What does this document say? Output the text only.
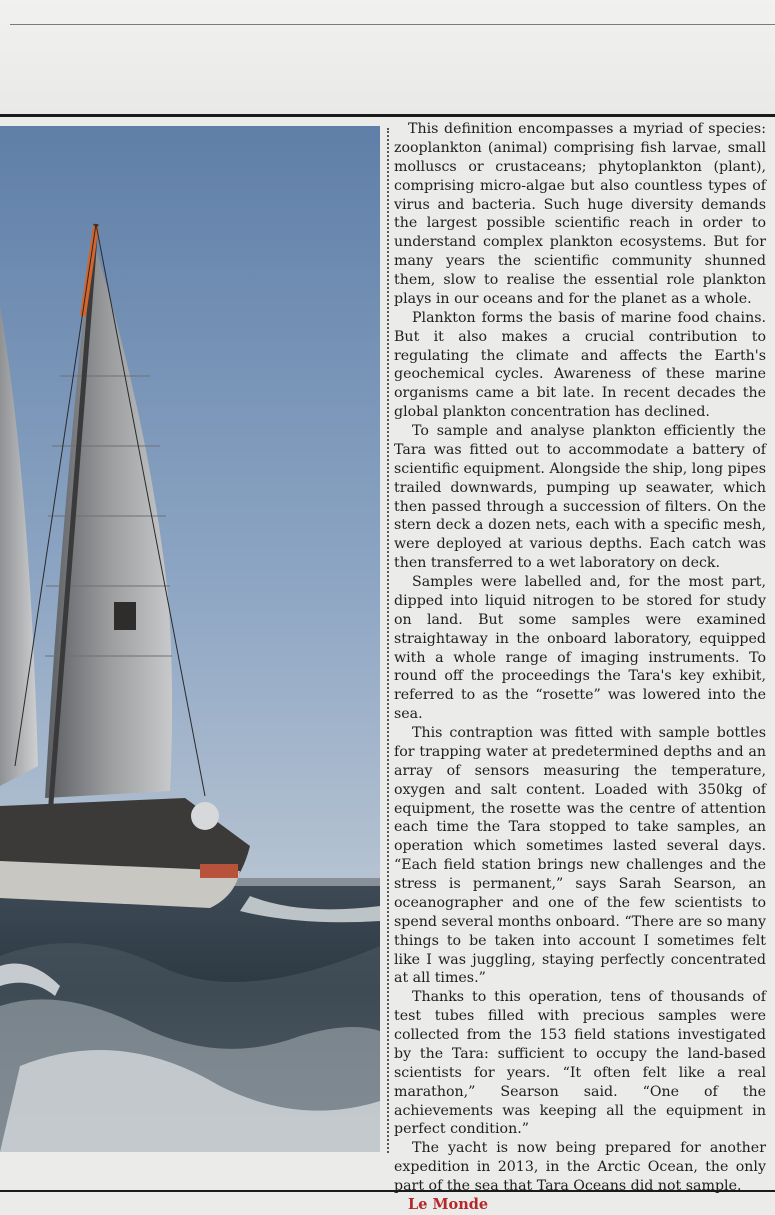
This definition encompasses a myriad of species: zooplankton (animal) comprising fish larvae, small molluscs or crustaceans; phytoplankton (plant), comprising micro-algae but also countless types of virus and bacteria. Such huge diversity demands the largest possible scientific reach in order to understand complex plankton ecosystems. But for many years the scientific community shunned them, slow to realise the essential role plankton plays in our oceans and for the planet as a whole.

Plankton forms the basis of marine food chains. But it also makes a crucial contribution to regulating the climate and affects the Earth's geochemical cycles. Awareness of these marine organisms came a bit late. In recent decades the global plankton concentration has declined.

To sample and analyse plankton efficiently the Tara was fitted out to accommodate a battery of scientific equipment. Alongside the ship, long pipes trailed downwards, pumping up seawater, which then passed through a succession of filters. On the stern deck a dozen nets, each with a specific mesh, were deployed at various depths. Each catch was then transferred to a wet laboratory on deck.

Samples were labelled and, for the most part, dipped into liquid nitrogen to be stored for study on land. But some samples were examined straightaway in the onboard laboratory, equipped with a whole range of imaging instruments. To round off the proceedings the Tara's key exhibit, referred to as the “rosette” was lowered into the sea.

This contraption was fitted with sample bottles for trapping water at predetermined depths and an array of sensors measuring the temperature, oxygen and salt content. Loaded with 350kg of equipment, the rosette was the centre of attention each time the Tara stopped to take samples, an operation which sometimes lasted several days. “Each field station brings new challenges and the stress is permanent,” says Sarah Searson, an oceanographer and one of the few scientists to spend several months onboard. “There are so many things to be taken into account I sometimes felt like I was juggling, staying perfectly concentrated at all times.”

Thanks to this operation, tens of thousands of test tubes filled with precious samples were collected from the 153 field stations investigated by the Tara: sufficient to occupy the land-based scientists for years. “It often felt like a real marathon,” Searson said. “One of the achievements was keeping all the equipment in perfect condition.”

The yacht is now being prepared for another expedition in 2013, in the Arctic Ocean, the only part of the sea that Tara Oceans did not sample.

Le Monde
